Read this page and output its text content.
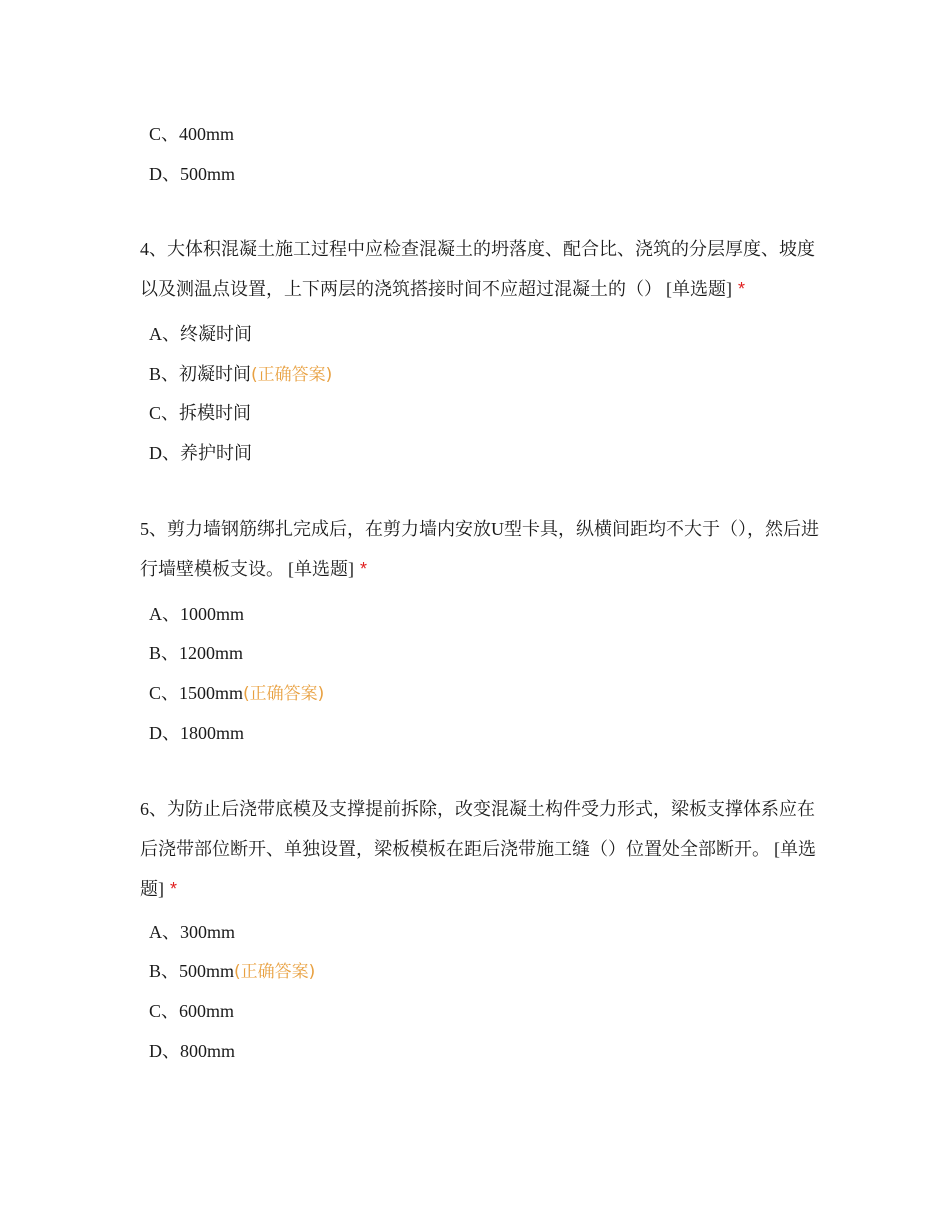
C、400mm
D、500mm
4、大体积混凝土施工过程中应检查混凝土的坍落度、配合比、浇筑的分层厚度、坡度以及测温点设置，上下两层的浇筑搭接时间不应超过混凝土的（） [单选题] *
A、终凝时间
B、初凝时间(正确答案)
C、拆模时间
D、养护时间
5、剪力墙钢筋绑扎完成后，在剪力墙内安放U型卡具，纵横间距均不大于（），然后进行墙壁模板支设。 [单选题] *
A、1000mm
B、1200mm
C、1500mm(正确答案)
D、1800mm
6、为防止后浇带底模及支撑提前拆除，改变混凝土构件受力形式，梁板支撑体系应在后浇带部位断开、单独设置，梁板模板在距后浇带施工缝（）位置处全部断开。 [单选题] *
A、300mm
B、500mm(正确答案)
C、600mm
D、800mm
